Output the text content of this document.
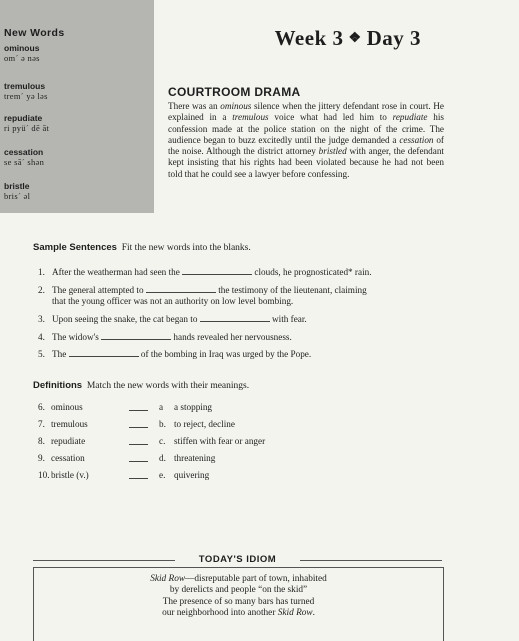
New Words
ominous
om´ ə nəs
tremulous
trem´ yə ləs
repudiate
ri pyü´ dē āt
cessation
se sā´ shən
bristle
bris´ əl
Week 3 ❖ Day 3
COURTROOM DRAMA
There was an ominous silence when the jittery defendant rose in court. He explained in a tremulous voice what had led him to repudiate his confession made at the police station on the night of the crime. The audience began to buzz excitedly until the judge demanded a cessation of the noise. Although the district attorney bristled with anger, the defendant kept insisting that his rights had been violated because he had not been told that he could see a lawyer before confessing.
Sample Sentences Fit the new words into the blanks.
1. After the weatherman had seen the	clouds, he prognosticated* rain.
2. The general attempted to	the testimony of the lieutenant, claiming
that the young officer was not an authority on low level bombing.
3. Upon seeing the snake, the cat began to	with fear.
4. The widow's	hands revealed her nervousness.
5. The	of the bombing in Iraq was urged by the Pope.
Definitions Match the new words with their meanings.
6. ominous	a a stopping
7. tremulous	b. to reject, decline
8. repudiate	c. stiffen with fear or anger
9. cessation	d. threatening
10. bristle (v.)	e. quivering
TODAY'S IDIOM
Skid Row—disreputable part of town, inhabited
by derelicts and people “on the skid”
The presence of so many bars has turned
our neighborhood into another Skid Row.
